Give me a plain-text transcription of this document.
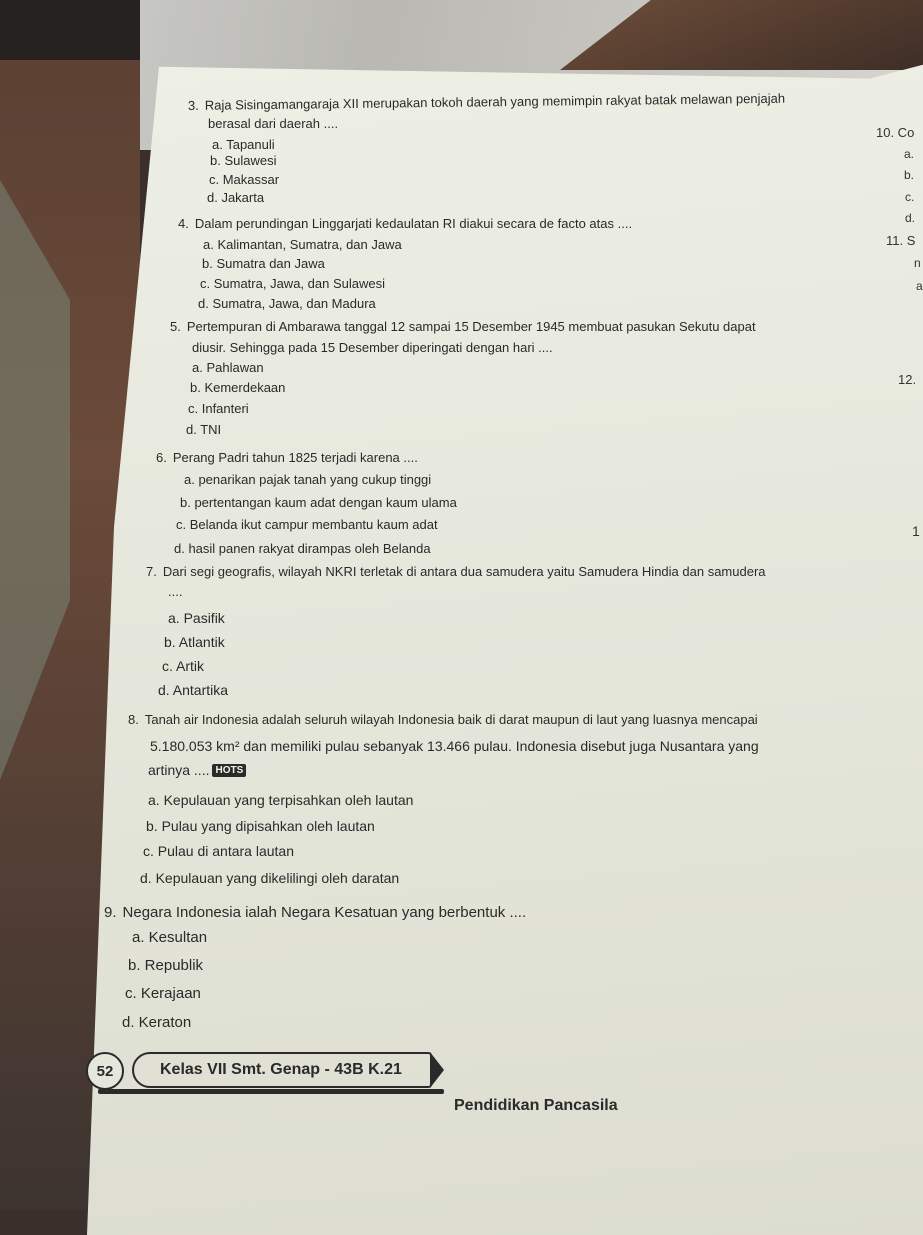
3. Raja Sisingamangaraja XII merupakan tokoh daerah yang memimpin rakyat batak melawan penjajah
berasal dari daerah ....
a. Tapanuli
b. Sulawesi
c. Makassar
d. Jakarta
4. Dalam perundingan Linggarjati kedaulatan RI diakui secara de facto atas ....
a. Kalimantan, Sumatra, dan Jawa
b. Sumatra dan Jawa
c. Sumatra, Jawa, dan Sulawesi
d. Sumatra, Jawa, dan Madura
5. Pertempuran di Ambarawa tanggal 12 sampai 15 Desember 1945 membuat pasukan Sekutu dapat
diusir. Sehingga pada 15 Desember diperingati dengan hari ....
a. Pahlawan
b. Kemerdekaan
c. Infanteri
d. TNI
6. Perang Padri tahun 1825 terjadi karena ....
a. penarikan pajak tanah yang cukup tinggi
b. pertentangan kaum adat dengan kaum ulama
c. Belanda ikut campur membantu kaum adat
d. hasil panen rakyat dirampas oleh Belanda
7. Dari segi geografis, wilayah NKRI terletak di antara dua samudera yaitu Samudera Hindia dan samudera
....
a. Pasifik
b. Atlantik
c. Artik
d. Antartika
8. Tanah air Indonesia adalah seluruh wilayah Indonesia baik di darat maupun di laut yang luasnya mencapai
5.180.053 km² dan memiliki pulau sebanyak 13.466 pulau. Indonesia disebut juga Nusantara yang
artinya .... HOTS
a. Kepulauan yang terpisahkan oleh lautan
b. Pulau yang dipisahkan oleh lautan
c. Pulau di antara lautan
d. Kepulauan yang dikelilingi oleh daratan
9. Negara Indonesia ialah Negara Kesatuan yang berbentuk ....
a. Kesultan
b. Republik
c. Kerajaan
d. Keraton
10. Co
a.
b.
c.
d.
11. S
n
a
12.
1
52	Kelas VII Smt. Genap - 43B K.21
Pendidikan Pancasila
